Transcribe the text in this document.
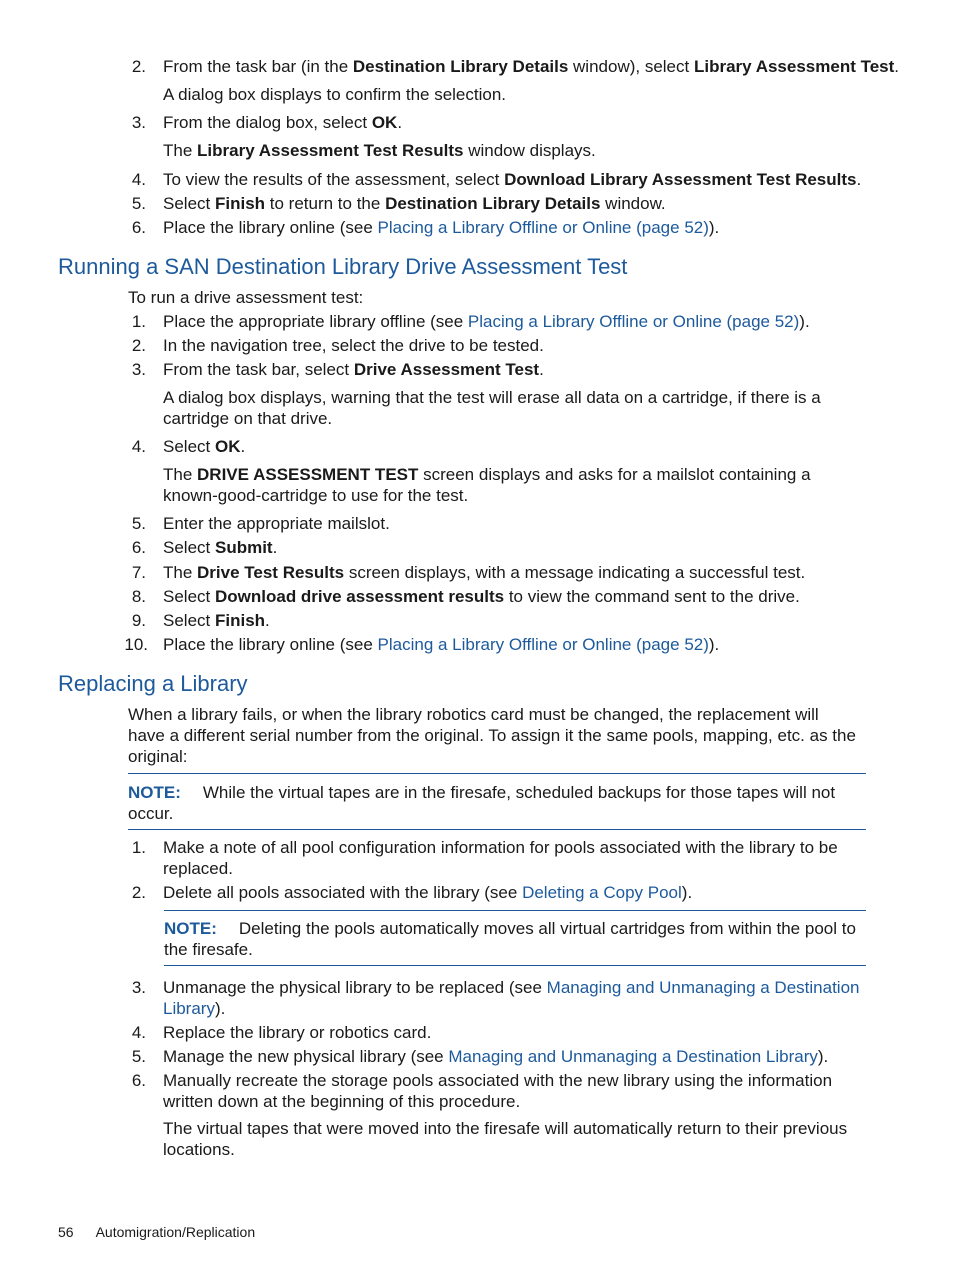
2. From the task bar (in the Destination Library Details window), select Library Assessment Test.
A dialog box displays to confirm the selection.
3. From the dialog box, select OK.
The Library Assessment Test Results window displays.
4. To view the results of the assessment, select Download Library Assessment Test Results.
5. Select Finish to return to the Destination Library Details window.
6. Place the library online (see Placing a Library Offline or Online (page 52)).
Running a SAN Destination Library Drive Assessment Test
To run a drive assessment test:
1. Place the appropriate library offline (see Placing a Library Offline or Online (page 52)).
2. In the navigation tree, select the drive to be tested.
3. From the task bar, select Drive Assessment Test.
A dialog box displays, warning that the test will erase all data on a cartridge, if there is a
cartridge on that drive.
4. Select OK.
The DRIVE ASSESSMENT TEST screen displays and asks for a mailslot containing a
known-good-cartridge to use for the test.
5. Enter the appropriate mailslot.
6. Select Submit.
7. The Drive Test Results screen displays, with a message indicating a successful test.
8. Select Download drive assessment results to view the command sent to the drive.
9. Select Finish.
10. Place the library online (see Placing a Library Offline or Online (page 52)).
Replacing a Library
When a library fails, or when the library robotics card must be changed, the replacement will
have a different serial number from the original. To assign it the same pools, mapping, etc. as the
original:
NOTE: While the virtual tapes are in the firesafe, scheduled backups for those tapes will not
occur.
1. Make a note of all pool configuration information for pools associated with the library to be
replaced.
2. Delete all pools associated with the library (see Deleting a Copy Pool).
NOTE: Deleting the pools automatically moves all virtual cartridges from within the pool to
the firesafe.
3. Unmanage the physical library to be replaced (see Managing and Unmanaging a Destination
Library).
4. Replace the library or robotics card.
5. Manage the new physical library (see Managing and Unmanaging a Destination Library).
6. Manually recreate the storage pools associated with the new library using the information
written down at the beginning of this procedure.
The virtual tapes that were moved into the firesafe will automatically return to their previous
locations.
56 Automigration/Replication
